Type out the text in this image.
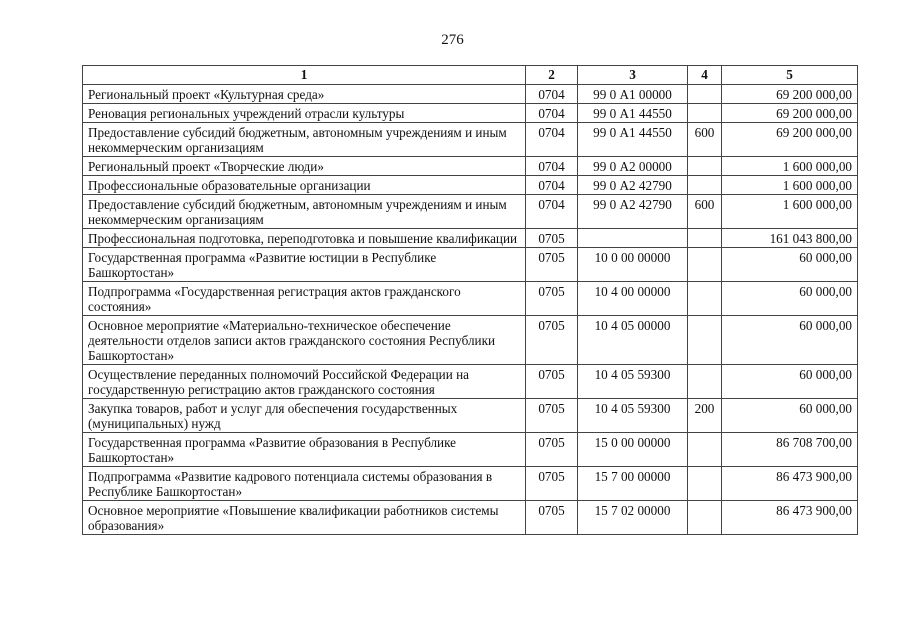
276
1	2	3	4	5
Региональный проект «Культурная среда»	0704	99 0 А1 00000		69 200 000,00
Реновация региональных учреждений отрасли культуры	0704	99 0 А1 44550		69 200 000,00
Предоставление субсидий бюджетным, автономным учреждениям и иным некоммерческим организациям	0704	99 0 А1 44550	600	69 200 000,00
Региональный проект «Творческие люди»	0704	99 0 А2 00000		1 600 000,00
Профессиональные образовательные организации	0704	99 0 А2 42790		1 600 000,00
Предоставление субсидий бюджетным, автономным учреждениям и иным некоммерческим организациям	0704	99 0 А2 42790	600	1 600 000,00
Профессиональная подготовка, переподготовка и повышение квалификации	0705			161 043 800,00
Государственная программа «Развитие юстиции в Республике Башкортостан»	0705	10 0 00 00000		60 000,00
Подпрограмма «Государственная регистрация актов гражданского состояния»	0705	10 4 00 00000		60 000,00
Основное мероприятие «Материально-техническое обеспечение деятельности отделов записи актов гражданского состояния Республики Башкортостан»	0705	10 4 05 00000		60 000,00
Осуществление переданных полномочий Российской Федерации на государственную регистрацию актов гражданского состояния	0705	10 4 05 59300		60 000,00
Закупка товаров, работ и услуг для обеспечения государственных (муниципальных) нужд	0705	10 4 05 59300	200	60 000,00
Государственная программа «Развитие образования в Республике Башкортостан»	0705	15 0 00 00000		86 708 700,00
Подпрограмма «Развитие кадрового потенциала системы образования в Республике Башкортостан»	0705	15 7 00 00000		86 473 900,00
Основное мероприятие «Повышение квалификации работников системы образования»	0705	15 7 02 00000		86 473 900,00
